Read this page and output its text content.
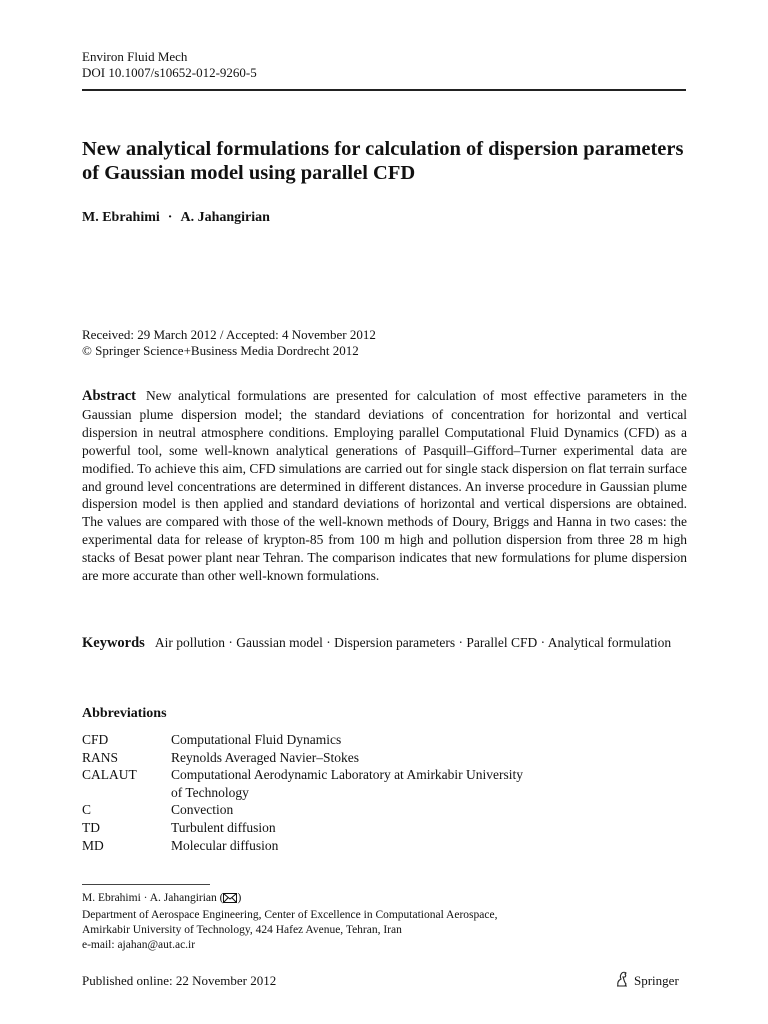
Environ Fluid Mech
DOI 10.1007/s10652-012-9260-5
New analytical formulations for calculation of dispersion parameters of Gaussian model using parallel CFD
M. Ebrahimi · A. Jahangirian
Received: 29 March 2012 / Accepted: 4 November 2012
© Springer Science+Business Media Dordrecht 2012

Abstract New analytical formulations are presented for calculation of most effective parameters in the Gaussian plume dispersion model; the standard deviations of concentration for horizontal and vertical dispersion in neutral atmosphere conditions. Employing parallel Computational Fluid Dynamics (CFD) as a powerful tool, some well-known analytical generations of Pasquill–Gifford–Turner experimental data are modified. To achieve this aim, CFD simulations are carried out for single stack dispersion on flat terrain surface and ground level concentrations are determined in different distances. An inverse procedure in Gaussian plume dispersion model is then applied and standard deviations of horizontal and vertical dispersions are obtained. The values are compared with those of the well-known methods of Doury, Briggs and Hanna in two cases: the experimental data for release of krypton-85 from 100 m high and pollution dispersion from three 28 m high stacks of Besat power plant near Tehran. The comparison indicates that new formulations for plume dispersion are more accurate than other well-known formulations.

Keywords Air pollution · Gaussian model · Dispersion parameters · Parallel CFD · Analytical formulation

Abbreviations
CFD	Computational Fluid Dynamics
RANS	Reynolds Averaged Navier–Stokes
CALAUT	Computational Aerodynamic Laboratory at Amirkabir University
	of Technology
C	Convection
TD	Turbulent diffusion
MD	Molecular diffusion
M. Ebrahimi · A. Jahangirian ( )
Department of Aerospace Engineering, Center of Excellence in Computational Aerospace,
Amirkabir University of Technology, 424 Hafez Avenue, Tehran, Iran
e-mail: ajahan@aut.ac.ir
Published online: 22 November 2012	Springer
